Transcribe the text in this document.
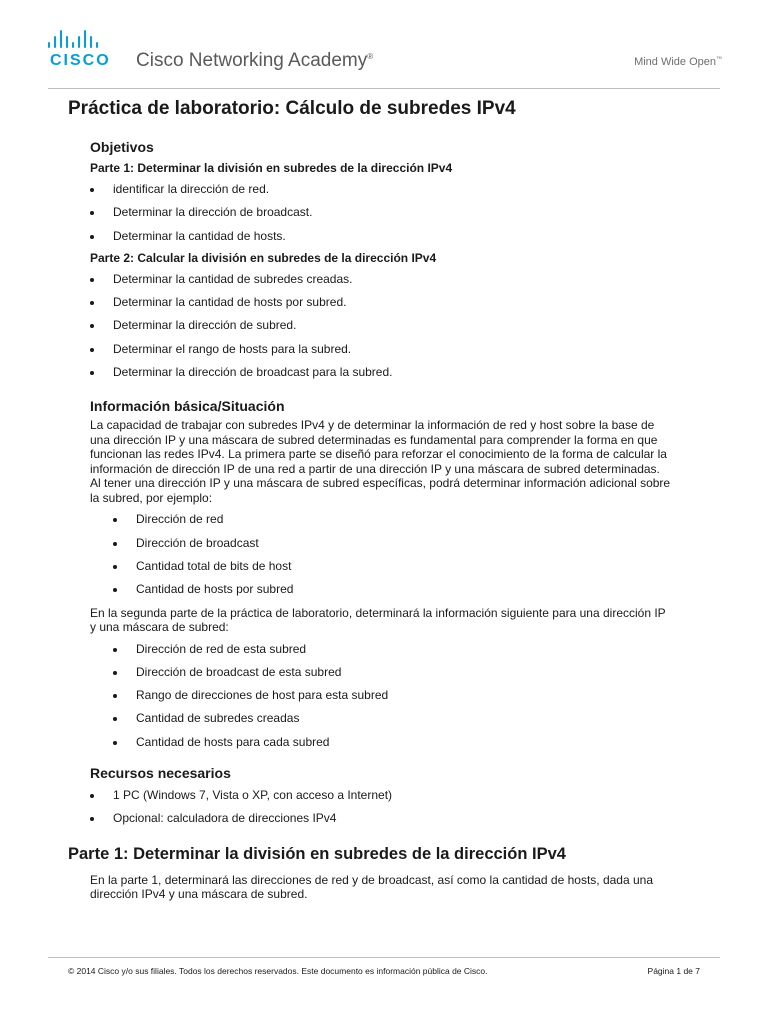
CISCO Cisco Networking Academy®	Mind Wide Open™
Práctica de laboratorio: Cálculo de subredes IPv4
Objetivos
Parte 1: Determinar la división en subredes de la dirección IPv4
identificar la dirección de red.
Determinar la dirección de broadcast.
Determinar la cantidad de hosts.
Parte 2: Calcular la división en subredes de la dirección IPv4
Determinar la cantidad de subredes creadas.
Determinar la cantidad de hosts por subred.
Determinar la dirección de subred.
Determinar el rango de hosts para la subred.
Determinar la dirección de broadcast para la subred.
Información básica/Situación

La capacidad de trabajar con subredes IPv4 y de determinar la información de red y host sobre la base de
una dirección IP y una máscara de subred determinadas es fundamental para comprender la forma en que
funcionan las redes IPv4. La primera parte se diseñó para reforzar el conocimiento de la forma de calcular la
información de dirección IP de una red a partir de una dirección IP y una máscara de subred determinadas.
Al tener una dirección IP y una máscara de subred específicas, podrá determinar información adicional sobre
la subred, por ejemplo:

Dirección de red
Dirección de broadcast
Cantidad total de bits de host
Cantidad de hosts por subred

En la segunda parte de la práctica de laboratorio, determinará la información siguiente para una dirección IP
y una máscara de subred:

Dirección de red de esta subred
Dirección de broadcast de esta subred
Rango de direcciones de host para esta subred
Cantidad de subredes creadas
Cantidad de hosts para cada subred
Recursos necesarios
1 PC (Windows 7, Vista o XP, con acceso a Internet)
Opcional: calculadora de direcciones IPv4
Parte 1: Determinar la división en subredes de la dirección IPv4

En la parte 1, determinará las direcciones de red y de broadcast, así como la cantidad de hosts, dada una
dirección IPv4 y una máscara de subred.

© 2014 Cisco y/o sus filiales. Todos los derechos reservados. Este documento es información pública de Cisco.	Página 1 de 7
